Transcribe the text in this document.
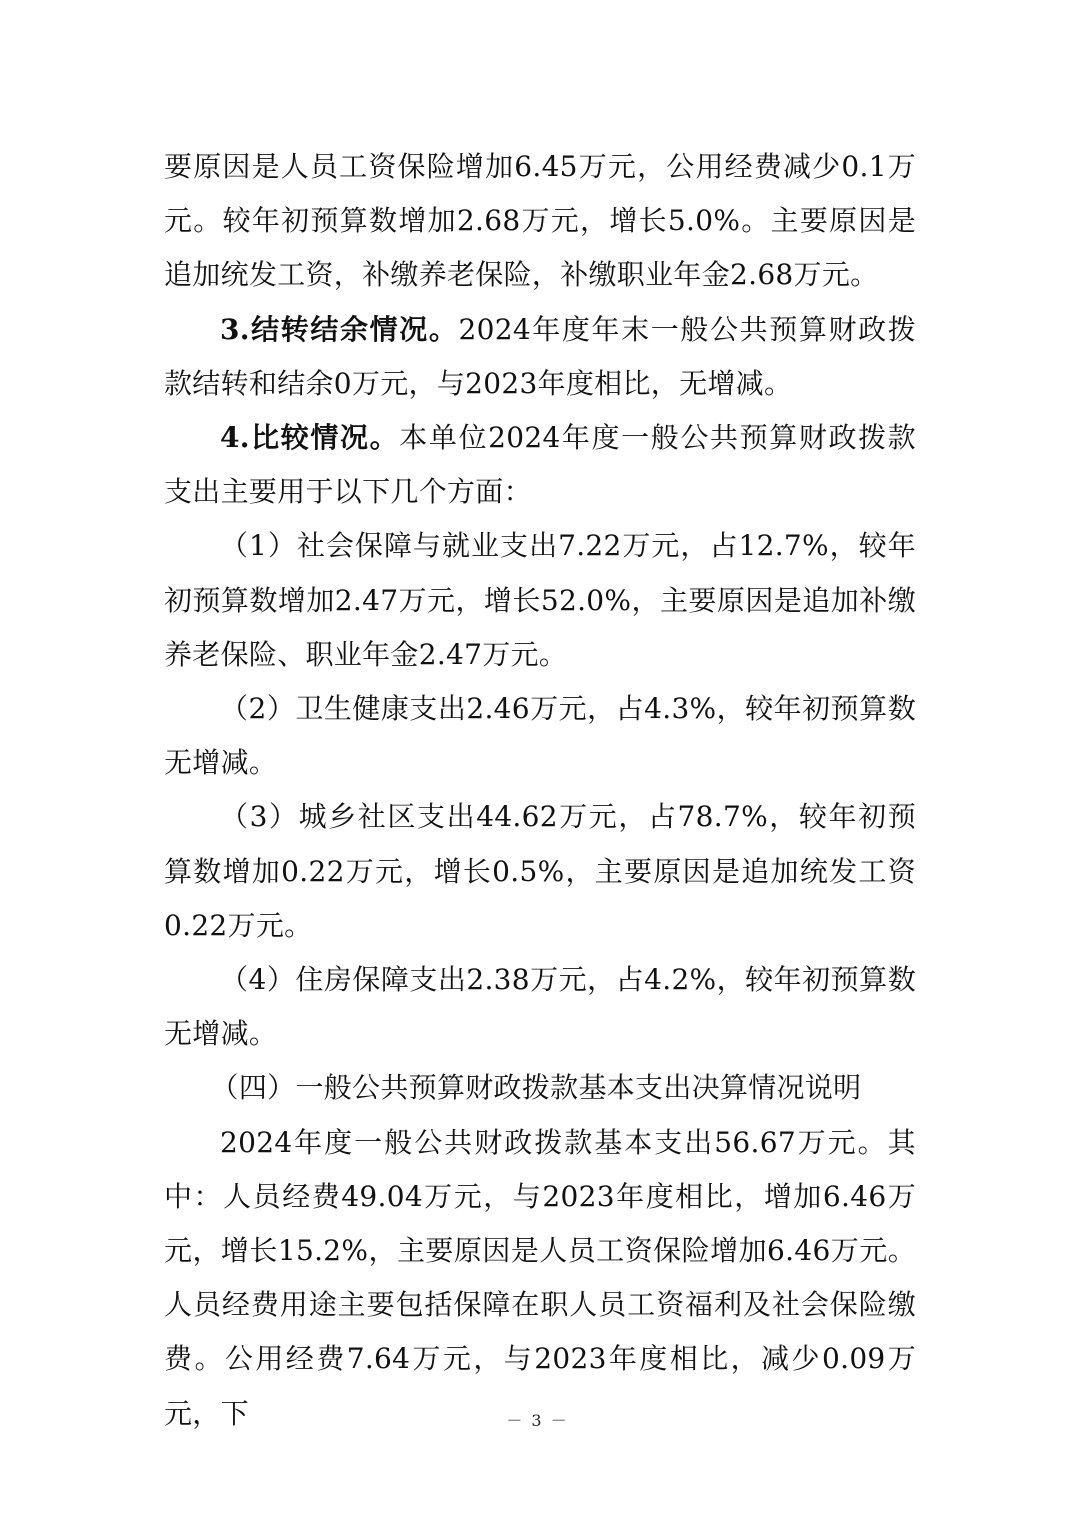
要原因是人员工资保险增加6.45万元，公用经费减少0.1万元。较年初预算数增加2.68万元，增长5.0%。主要原因是追加统发工资，补缴养老保险，补缴职业年金2.68万元。

3.结转结余情况。2024年度年末一般公共预算财政拨款结转和结余0万元，与2023年度相比，无增减。

4.比较情况。本单位2024年度一般公共预算财政拨款支出主要用于以下几个方面：

（1）社会保障与就业支出7.22万元，占12.7%，较年初预算数增加2.47万元，增长52.0%，主要原因是追加补缴养老保险、职业年金2.47万元。

（2）卫生健康支出2.46万元，占4.3%，较年初预算数无增减。

（3）城乡社区支出44.62万元，占78.7%，较年初预算数增加0.22万元，增长0.5%，主要原因是追加统发工资0.22万元。

（4）住房保障支出2.38万元，占4.2%，较年初预算数无增减。

（四）一般公共预算财政拨款基本支出决算情况说明

2024年度一般公共财政拨款基本支出56.67万元。其中：人员经费49.04万元，与2023年度相比，增加6.46万元，增长15.2%，主要原因是人员工资保险增加6.46万元。人员经费用途主要包括保障在职人员工资福利及社会保险缴费。公用经费7.64万元，与2023年度相比，减少0.09万元，下	－ 3 －
